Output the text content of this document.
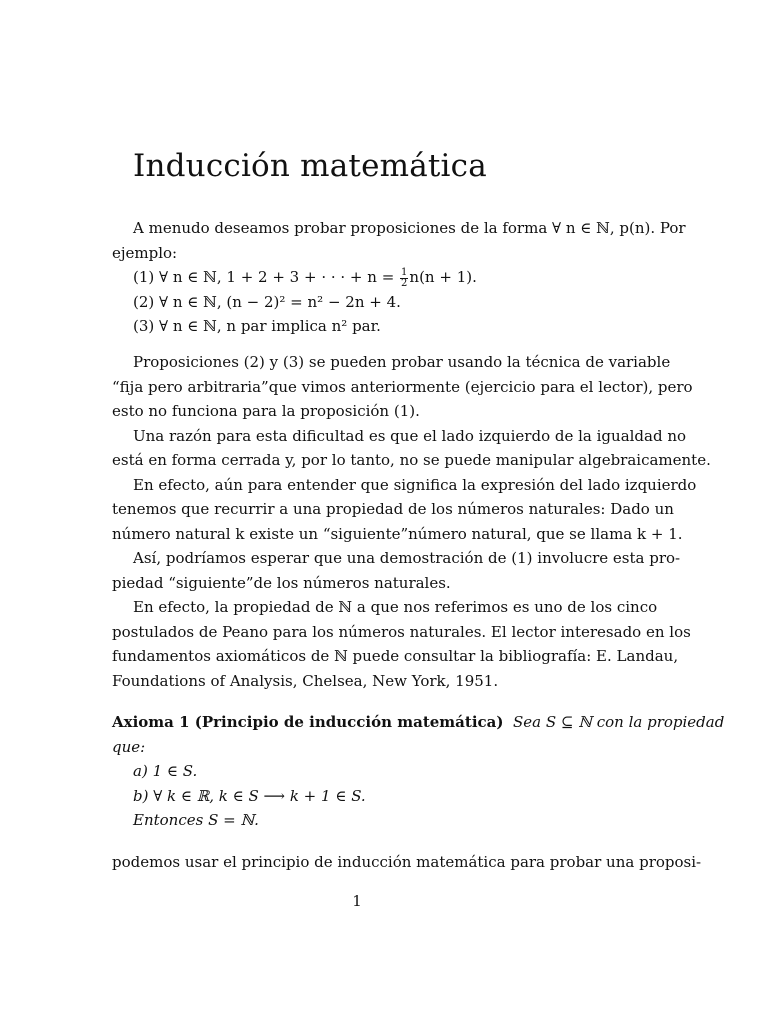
Inducción matemática

A menudo deseamos probar proposiciones de la forma ∀ n ∈ ℕ, p(n). Por

ejemplo:

(1) ∀ n ∈ ℕ, 1 + 2 + 3 + · · · + $n = \frac{1}{2} n(n + 1)$.

(2) ∀ n ∈ ℕ, (n − 2)² = n² − 2n + 4.

(3) ∀ n ∈ ℕ, n par implica n² par.

Proposiciones (2) y (3) se pueden probar usando la técnica de variable

“fija pero arbitraria”que vimos anteriormente (ejercicio para el lector), pero

esto no funciona para la proposición (1).

Una razón para esta dificultad es que el lado izquierdo de la igualdad no

está en forma cerrada y, por lo tanto, no se puede manipular algebraicamente.

En efecto, aún para entender que significa la expresión del lado izquierdo

tenemos que recurrir a una propiedad de los números naturales: Dado un

número natural k existe un “siguiente”número natural, que se llama k + 1.

Así, podríamos esperar que una demostración de (1) involucre esta pro-

piedad “siguiente”de los números naturales.

En efecto, la propiedad de ℕ a que nos referimos es uno de los cinco

postulados de Peano para los números naturales. El lector interesado en los

fundamentos axiomáticos de ℕ puede consultar la bibliografía: E. Landau,

Foundations of Analysis, Chelsea, New York, 1951.

Axioma 1 (Principio de inducción matemática) Sea S ⊆ ℕ con la propiedad

que:

a) 1 ∈ S.

b) ∀ k ∈ ℝ, k ∈ S ⟶ k + 1 ∈ S.

Entonces S = ℕ.

podemos usar el principio de inducción matemática para probar una proposi-

1
